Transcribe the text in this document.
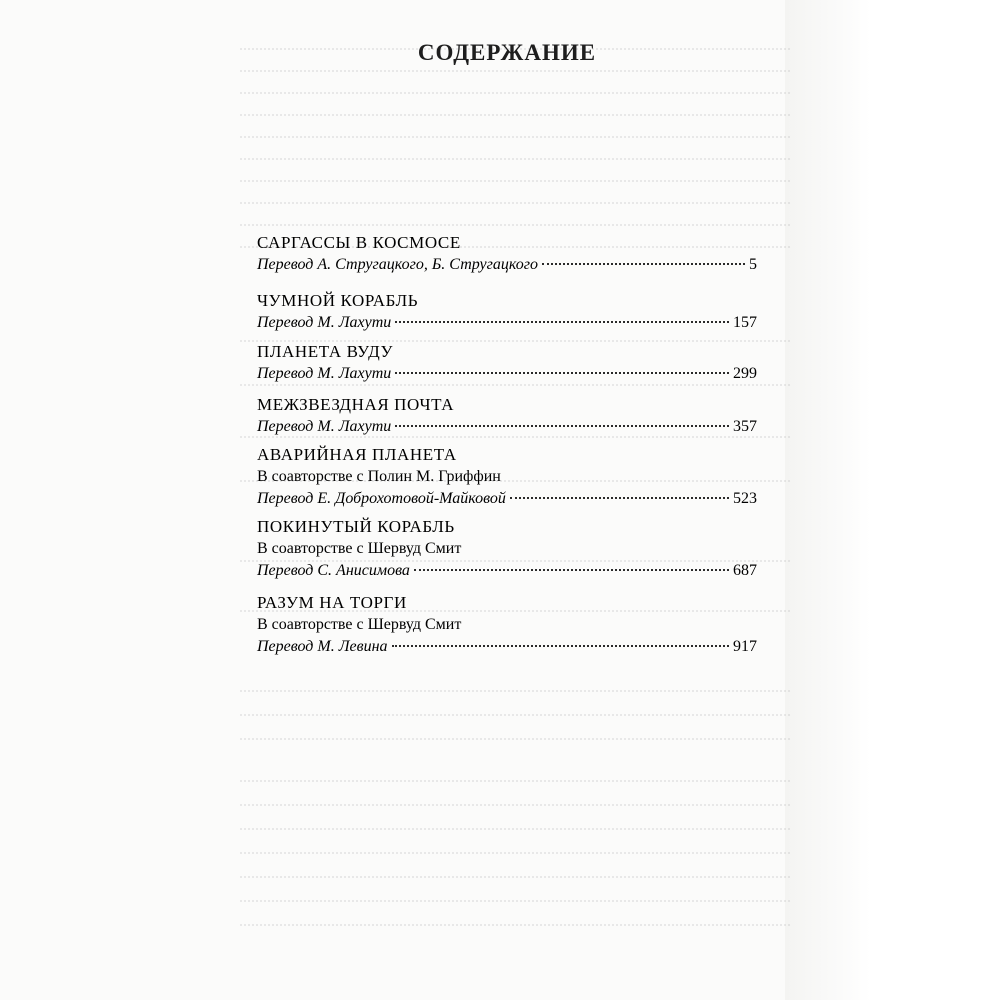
СОДЕРЖАНИЕ
САРГАССЫ В КОСМОСЕ
Перевод А. Стругацкого, Б. Стругацкого	5
ЧУМНОЙ КОРАБЛЬ
Перевод М. Лахути	157
ПЛАНЕТА ВУДУ
Перевод М. Лахути	299
МЕЖЗВЕЗДНАЯ ПОЧТА
Перевод М. Лахути	357
АВАРИЙНАЯ ПЛАНЕТА
В соавторстве с Полин М. Гриффин
Перевод Е. Доброхотовой-Майковой	523
ПОКИНУТЫЙ КОРАБЛЬ
В соавторстве с Шервуд Смит
Перевод С. Анисимова	687
РАЗУМ НА ТОРГИ
В соавторстве с Шервуд Смит
Перевод М. Левина	917
